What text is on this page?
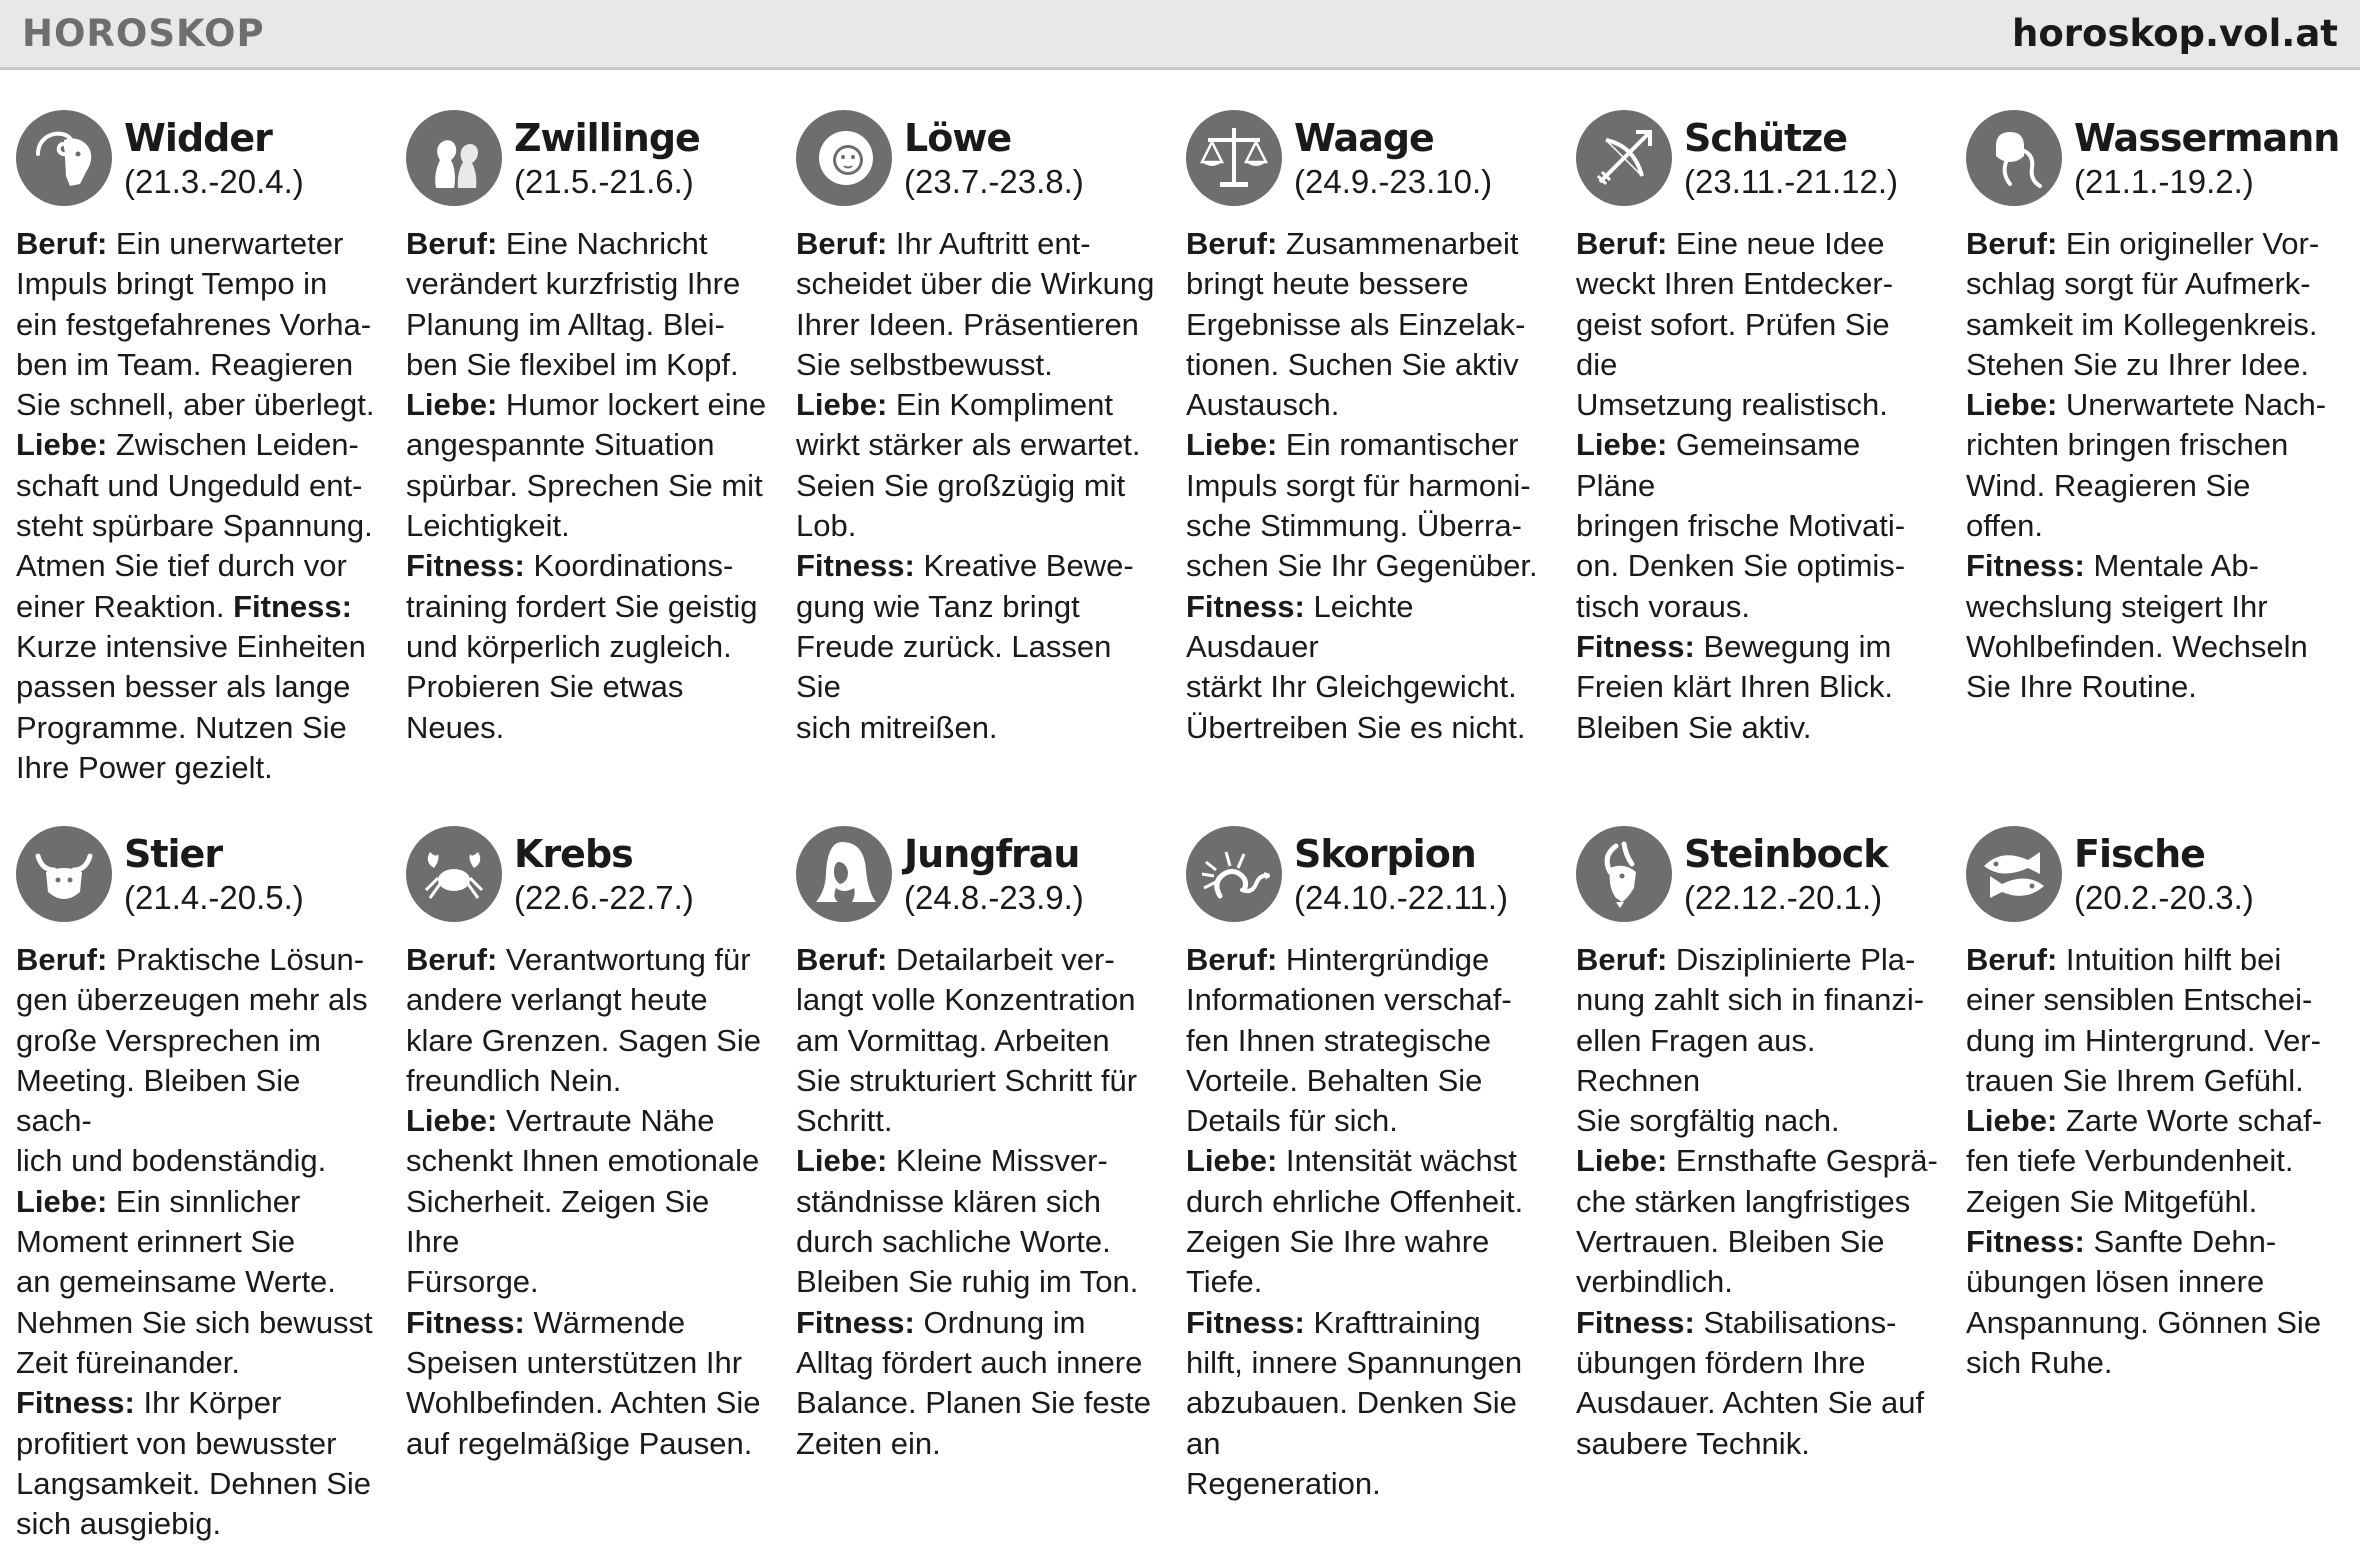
HOROSKOP	horoskop.vol.at
Widder
(21.3.-20.4.)

Beruf: Ein unerwarteter

Impuls bringt Tempo in

ein festgefahrenes Vorha-

ben im Team. Reagieren

Sie schnell, aber überlegt.

Liebe: Zwischen Leiden-

schaft und Ungeduld ent-

steht spürbare Spannung.

Atmen Sie tief durch vor

einer Reaktion. Fitness:

Kurze intensive Einheiten

passen besser als lange

Programme. Nutzen Sie

Ihre Power gezielt.

Zwillinge
(21.5.-21.6.)

Beruf: Eine Nachricht

verändert kurzfristig Ihre

Planung im Alltag. Blei-

ben Sie flexibel im Kopf.

Liebe: Humor lockert eine

angespannte Situation

spürbar. Sprechen Sie mit

Leichtigkeit.

Fitness: Koordinations-

training fordert Sie geistig

und körperlich zugleich.

Probieren Sie etwas

Neues.

Löwe
(23.7.-23.8.)

Beruf: Ihr Auftritt ent-

scheidet über die Wirkung

Ihrer Ideen. Präsentieren

Sie selbstbewusst.

Liebe: Ein Kompliment

wirkt stärker als erwartet.

Seien Sie großzügig mit

Lob.

Fitness: Kreative Bewe-

gung wie Tanz bringt

Freude zurück. Lassen Sie

sich mitreißen.

Waage
(24.9.-23.10.)

Beruf: Zusammenarbeit

bringt heute bessere

Ergebnisse als Einzelak-

tionen. Suchen Sie aktiv

Austausch.

Liebe: Ein romantischer

Impuls sorgt für harmoni-

sche Stimmung. Überra-

schen Sie Ihr Gegenüber.

Fitness: Leichte Ausdauer

stärkt Ihr Gleichgewicht.

Übertreiben Sie es nicht.

Schütze
(23.11.-21.12.)

Beruf: Eine neue Idee

weckt Ihren Entdecker-

geist sofort. Prüfen Sie die

Umsetzung realistisch.

Liebe: Gemeinsame Pläne

bringen frische Motivati-

on. Denken Sie optimis-

tisch voraus.

Fitness: Bewegung im

Freien klärt Ihren Blick.

Bleiben Sie aktiv.

Wassermann
(21.1.-19.2.)

Beruf: Ein origineller Vor-

schlag sorgt für Aufmerk-

samkeit im Kollegenkreis.

Stehen Sie zu Ihrer Idee.

Liebe: Unerwartete Nach-

richten bringen frischen

Wind. Reagieren Sie offen.

Fitness: Mentale Ab-

wechslung steigert Ihr

Wohlbefinden. Wechseln

Sie Ihre Routine.

Stier
(21.4.-20.5.)

Beruf: Praktische Lösun-

gen überzeugen mehr als

große Versprechen im

Meeting. Bleiben Sie sach-

lich und bodenständig.

Liebe: Ein sinnlicher

Moment erinnert Sie

an gemeinsame Werte.

Nehmen Sie sich bewusst

Zeit füreinander.

Fitness: Ihr Körper

profitiert von bewusster

Langsamkeit. Dehnen Sie

sich ausgiebig.

Krebs
(22.6.-22.7.)

Beruf: Verantwortung für

andere verlangt heute

klare Grenzen. Sagen Sie

freundlich Nein.

Liebe: Vertraute Nähe

schenkt Ihnen emotionale

Sicherheit. Zeigen Sie Ihre

Fürsorge.

Fitness: Wärmende

Speisen unterstützen Ihr

Wohlbefinden. Achten Sie

auf regelmäßige Pausen.

Jungfrau
(24.8.-23.9.)

Beruf: Detailarbeit ver-

langt volle Konzentration

am Vormittag. Arbeiten

Sie strukturiert Schritt für

Schritt.

Liebe: Kleine Missver-

ständnisse klären sich

durch sachliche Worte.

Bleiben Sie ruhig im Ton.

Fitness: Ordnung im

Alltag fördert auch innere

Balance. Planen Sie feste

Zeiten ein.

Skorpion
(24.10.-22.11.)

Beruf: Hintergründige

Informationen verschaf-

fen Ihnen strategische

Vorteile. Behalten Sie

Details für sich.

Liebe: Intensität wächst

durch ehrliche Offenheit.

Zeigen Sie Ihre wahre

Tiefe.

Fitness: Krafttraining

hilft, innere Spannungen

abzubauen. Denken Sie an

Regeneration.

Steinbock
(22.12.-20.1.)

Beruf: Disziplinierte Pla-

nung zahlt sich in finanzi-

ellen Fragen aus. Rechnen

Sie sorgfältig nach.

Liebe: Ernsthafte Gesprä-

che stärken langfristiges

Vertrauen. Bleiben Sie

verbindlich.

Fitness: Stabilisations-

übungen fördern Ihre

Ausdauer. Achten Sie auf

saubere Technik.

Fische
(20.2.-20.3.)

Beruf: Intuition hilft bei

einer sensiblen Entschei-

dung im Hintergrund. Ver-

trauen Sie Ihrem Gefühl.

Liebe: Zarte Worte schaf-

fen tiefe Verbundenheit.

Zeigen Sie Mitgefühl.

Fitness: Sanfte Dehn-

übungen lösen innere

Anspannung. Gönnen Sie

sich Ruhe.
